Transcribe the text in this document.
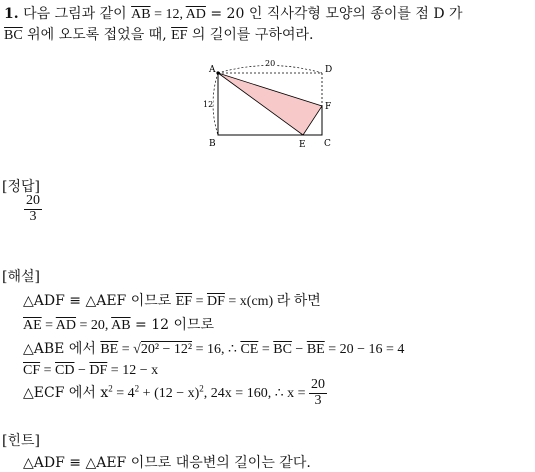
1. 다음 그림과 같이 $\overline{AB} = 12$, $\overline{AD} = 20$ 인 직사각형 모양의 종이를 점 D 가
$\overline{BC}$ 위에 오도록 접었을 때, $\overline{EF}$ 의 길이를 구하여라.
A	D
B	C
E
F
20
12
[정답]
$\frac{20}{3}$
[해설]
△ADF ≡ △AEF 이므로 $\overline{EF} = \overline{DF} = x(cm)$ 라 하면
$\overline{AE} = \overline{AD} = 20$, $\overline{AB} = 12$ 이므로
△ABE 에서 $\overline{BE} = √20^2 - 12^2 = 16$, ∴ $\overline{CE} = \overline{BC} - \overline{BE} = 20 - 16 = 4$
$\overline{CF} = \overline{CD} - \overline{DF} = 12 - x$
△ECF 에서 $x^2 = 4^2 + (12 - x)^2$, 24x = 160, ∴ $x = \frac{20}{3}$
[힌트]
△ADF ≡ △AEF 이므로 대응변의 길이는 같다.
